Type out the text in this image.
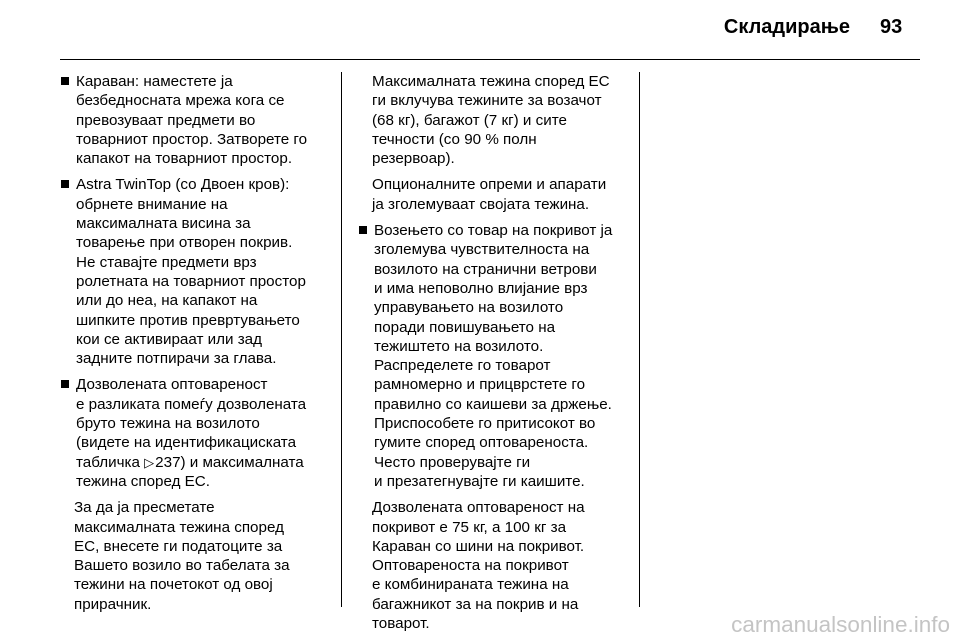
Складирање 93
Караван: наместете ја
безбедносната мрежа кога се
превозуваат предмети во
товарниот простор. Затворете го
капакот на товарниот простор.
Astra TwinTop (со Двоен кров):
обрнете внимание на
максималната висина за
товарење при отворен покрив.
Не ставајте предмети врз
ролетната на товарниот простор
или до неа, на капакот на
шипките против превртувањето
кои се активираат или зад
задните потпирачи за глава.
Дозволената оптовареност
е разликата помеѓу дозволената
бруто тежина на возилото
(видете на идентификациската
табличка ▷237) и максималната
тежина според ЕС.
За да ја пресметате
максималната тежина според
ЕС, внесете ги податоците за
Вашето возило во табелата за
тежини на почетокот од овој
прирачник.
Максималната тежина според ЕС
ги вклучува тежините за возачот
(68 кг), багажот (7 кг) и сите
течности (со 90 % полн
резервоар).
Опционалните опреми и апарати
ја зголемуваат својата тежина.
Возењето со товар на покривот ја
зголемува чувствителноста на
возилото на странични ветрови
и има неповолно влијание врз
управувањето на возилото
поради повишувањето на
тежиштето на возилото.
Распределете го товарот
рамномерно и прицврстете го
правилно со каишеви за држење.
Приспособете го притисокот во
гумите според оптовареноста.
Често проверувајте ги
и презатегнувајте ги каишите.
Дозволената оптовареност на
покривот е 75 кг, а 100 кг за
Караван со шини на покривот.
Оптовареноста на покривот
е комбинираната тежина на
багажникот за на покрив и на
товарот.	carmanualsonline.info
